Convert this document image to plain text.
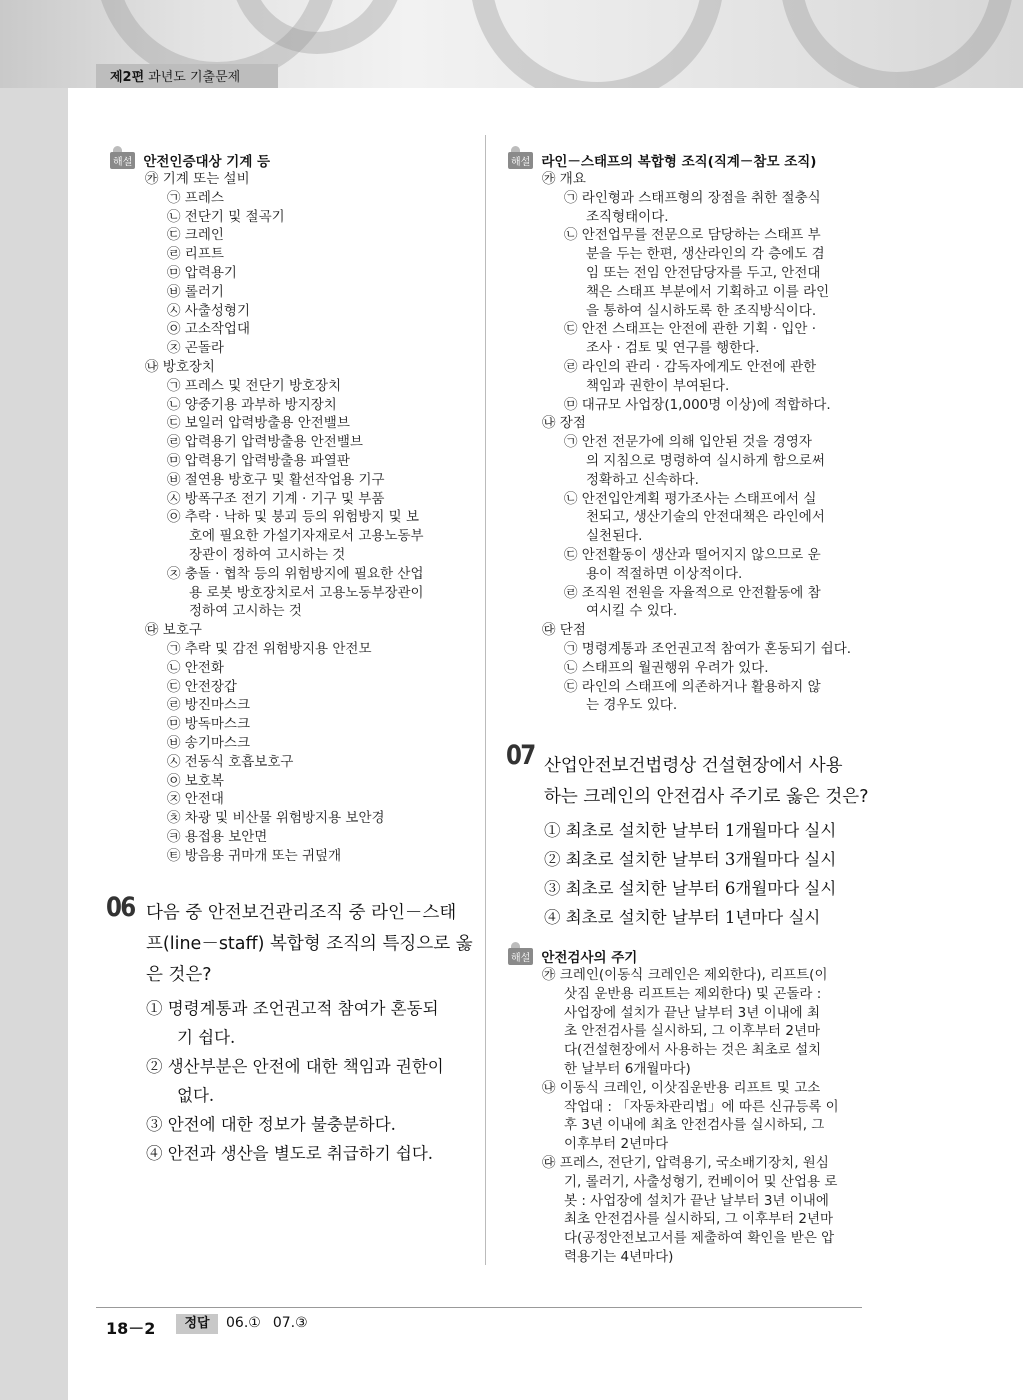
제2편 과년도 기출문제
해설 안전인증대상 기계 등
㉮ 기계 또는 설비
㉠ 프레스
㉡ 전단기 및 절곡기
㉢ 크레인
㉣ 리프트
㉤ 압력용기
㉥ 롤러기
㉦ 사출성형기
㉧ 고소작업대
㉨ 곤돌라
㉯ 방호장치
㉠ 프레스 및 전단기 방호장치
㉡ 양중기용 과부하 방지장치
㉢ 보일러 압력방출용 안전밸브
㉣ 압력용기 압력방출용 안전밸브
㉤ 압력용기 압력방출용 파열판
㉥ 절연용 방호구 및 활선작업용 기구
㉦ 방폭구조 전기 기계 · 기구 및 부품
㉧ 추락 · 낙하 및 붕괴 등의 위험방지 및 보
호에 필요한 가설기자재로서 고용노동부
장관이 정하여 고시하는 것
㉨ 충돌 · 협착 등의 위험방지에 필요한 산업
용 로봇 방호장치로서 고용노동부장관이
정하여 고시하는 것
㉰ 보호구
㉠ 추락 및 감전 위험방지용 안전모
㉡ 안전화
㉢ 안전장갑
㉣ 방진마스크
㉤ 방독마스크
㉥ 송기마스크
㉦ 전동식 호흡보호구
㉧ 보호복
㉨ 안전대
㉩ 차광 및 비산물 위험방지용 보안경
㉪ 용접용 보안면
㉫ 방음용 귀마개 또는 귀덮개
06 다음 중 안전보건관리조직 중 라인－스태
프(line－staff) 복합형 조직의 특징으로 옳
은 것은?
① 명령계통과 조언권고적 참여가 혼동되
기 쉽다.
② 생산부분은 안전에 대한 책임과 권한이
없다.
③ 안전에 대한 정보가 불충분하다.
④ 안전과 생산을 별도로 취급하기 쉽다.
해설 라인－스태프의 복합형 조직(직계－참모 조직)
㉮ 개요
㉠ 라인형과 스태프형의 장점을 취한 절충식
조직형태이다.
㉡ 안전업무를 전문으로 담당하는 스태프 부
분을 두는 한편, 생산라인의 각 층에도 겸
임 또는 전임 안전담당자를 두고, 안전대
책은 스태프 부분에서 기획하고 이를 라인
을 통하여 실시하도록 한 조직방식이다.
㉢ 안전 스태프는 안전에 관한 기획 · 입안 ·
조사 · 검토 및 연구를 행한다.
㉣ 라인의 관리 · 감독자에게도 안전에 관한
책임과 권한이 부여된다.
㉤ 대규모 사업장(1,000명 이상)에 적합하다.
㉯ 장점
㉠ 안전 전문가에 의해 입안된 것을 경영자
의 지침으로 명령하여 실시하게 함으로써
정확하고 신속하다.
㉡ 안전입안계획 평가조사는 스태프에서 실
천되고, 생산기술의 안전대책은 라인에서
실천된다.
㉢ 안전활동이 생산과 떨어지지 않으므로 운
용이 적절하면 이상적이다.
㉣ 조직원 전원을 자율적으로 안전활동에 참
여시킬 수 있다.
㉰ 단점
㉠ 명령계통과 조언권고적 참여가 혼동되기 쉽다.
㉡ 스태프의 월권행위 우려가 있다.
㉢ 라인의 스태프에 의존하거나 활용하지 않
는 경우도 있다.
07 산업안전보건법령상 건설현장에서 사용
하는 크레인의 안전검사 주기로 옳은 것은?
① 최초로 설치한 날부터 1개월마다 실시
② 최초로 설치한 날부터 3개월마다 실시
③ 최초로 설치한 날부터 6개월마다 실시
④ 최초로 설치한 날부터 1년마다 실시
해설 안전검사의 주기
㉮ 크레인(이동식 크레인은 제외한다), 리프트(이
삿짐 운반용 리프트는 제외한다) 및 곤돌라 :
사업장에 설치가 끝난 날부터 3년 이내에 최
초 안전검사를 실시하되, 그 이후부터 2년마
다(건설현장에서 사용하는 것은 최초로 설치
한 날부터 6개월마다)
㉯ 이동식 크레인, 이삿짐운반용 리프트 및 고소
작업대 : 「자동차관리법」에 따른 신규등록 이
후 3년 이내에 최초 안전검사를 실시하되, 그
이후부터 2년마다
㉰ 프레스, 전단기, 압력용기, 국소배기장치, 원심
기, 롤러기, 사출성형기, 컨베이어 및 산업용 로
봇 : 사업장에 설치가 끝난 날부터 3년 이내에
최초 안전검사를 실시하되, 그 이후부터 2년마
다(공정안전보고서를 제출하여 확인을 받은 압
력용기는 4년마다)
18－2	정답	06.① 07.③
